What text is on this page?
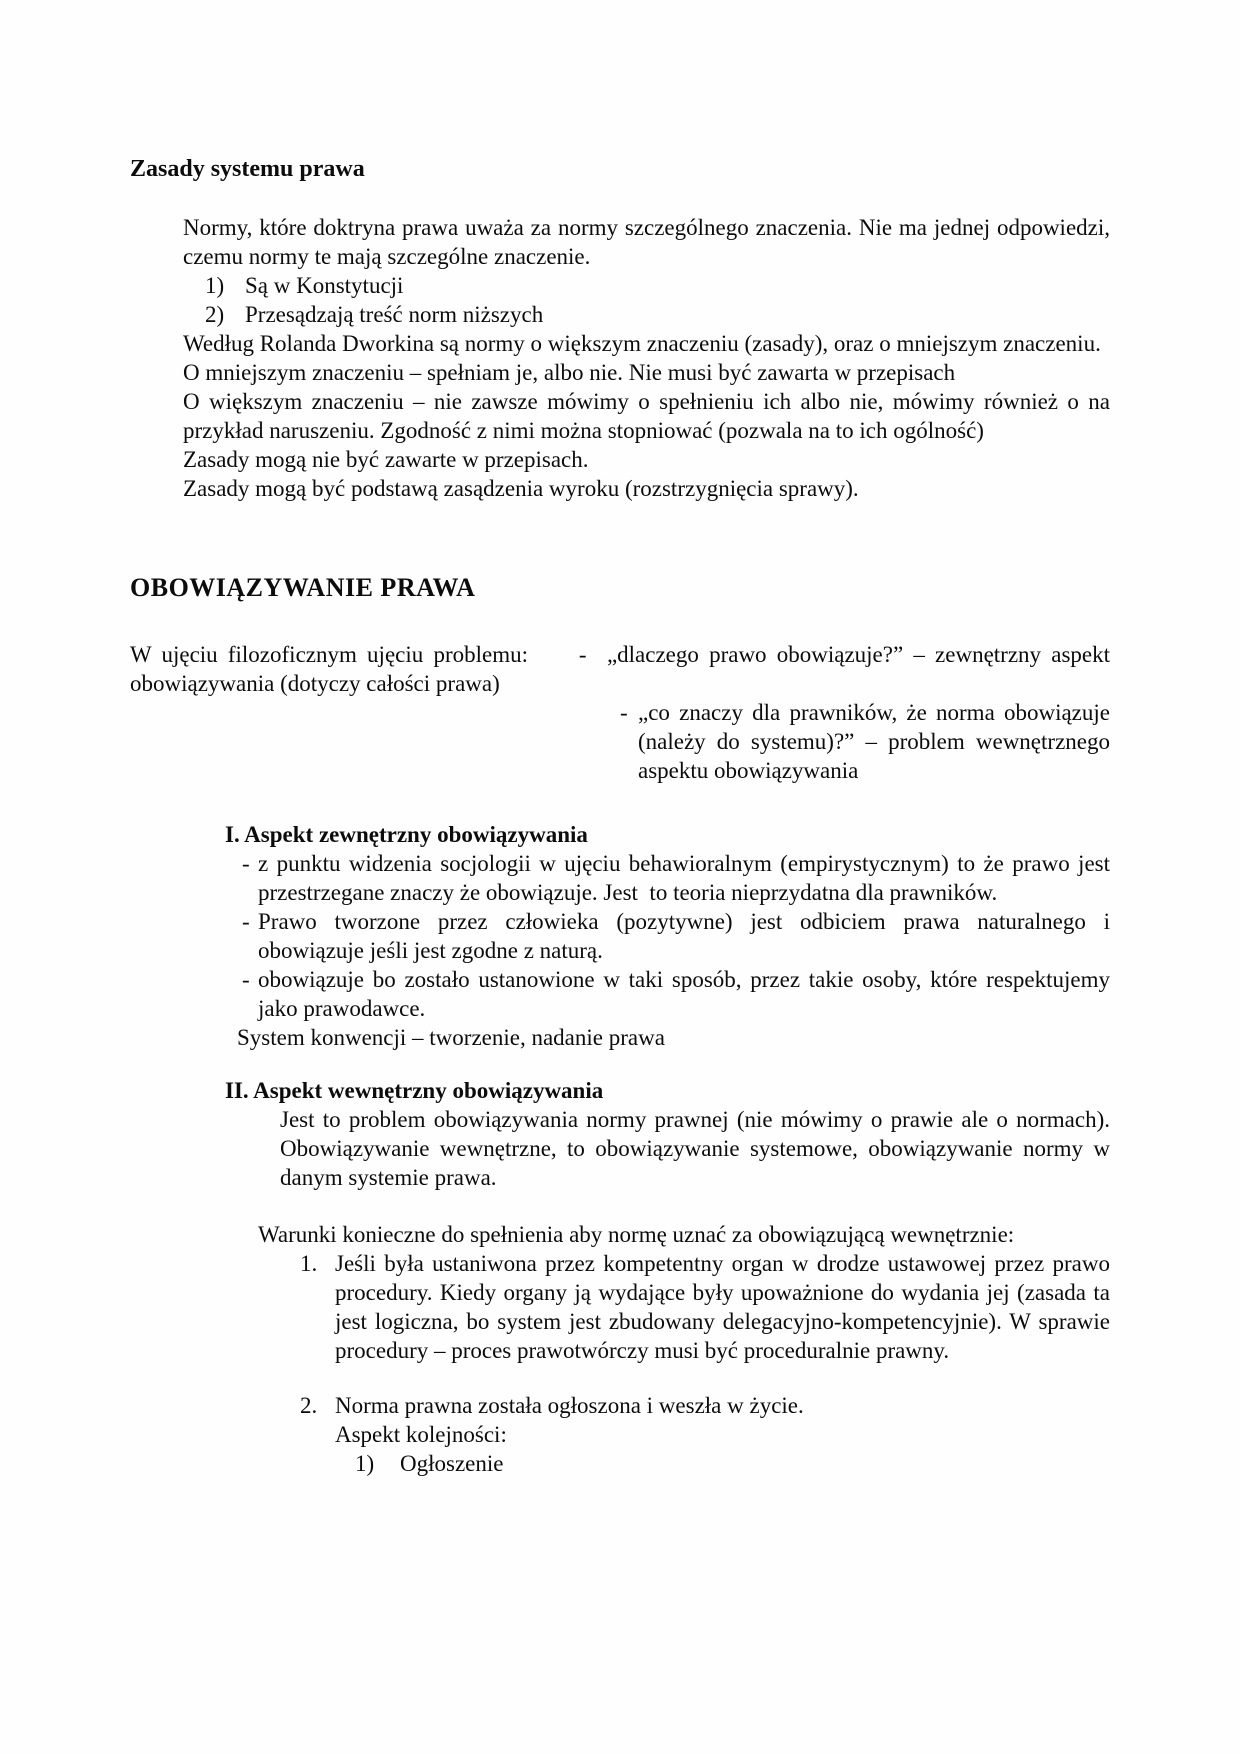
Zasady systemu prawa

Normy, które doktryna prawa uważa za normy szczególnego znaczenia. Nie ma jednej odpowiedzi, czemu normy te mają szczególne znaczenie.

1) Są w Konstytucji
2) Przesądzają treść norm niższych

Według Rolanda Dworkina są normy o większym znaczeniu (zasady), oraz o mniejszym znaczeniu.

O mniejszym znaczeniu – spełniam je, albo nie. Nie musi być zawarta w przepisach

O większym znaczeniu – nie zawsze mówimy o spełnieniu ich albo nie, mówimy również o na przykład naruszeniu. Zgodność z nimi można stopniować (pozwala na to ich ogólność)

Zasady mogą nie być zawarte w przepisach.

Zasady mogą być podstawą zasądzenia wyroku (rozstrzygnięcia sprawy).

OBOWIĄZYWANIE PRAWA

W ujęciu filozoficznym ujęciu problemu:     -  „dlaczego prawo obowiązuje?” – zewnętrzny aspekt obowiązywania (dotyczy całości prawa)

- „co znaczy dla prawników, że norma obowiązuje (należy do systemu)?” – problem wewnętrznego aspektu obowiązywania
I. Aspekt zewnętrzny obowiązywania
- z punktu widzenia socjologii w ujęciu behawioralnym (empirystycznym) to że prawo jest przestrzegane znaczy że obowiązuje. Jest  to teoria nieprzydatna dla prawników.
- Prawo tworzone przez człowieka (pozytywne) jest odbiciem prawa naturalnego i obowiązuje jeśli jest zgodne z naturą.
- obowiązuje bo zostało ustanowione w taki sposób, przez takie osoby, które respektujemy jako prawodawce.

System konwencji – tworzenie, nadanie prawa

II. Aspekt wewnętrzny obowiązywania

Jest to problem obowiązywania normy prawnej (nie mówimy o prawie ale o normach). Obowiązywanie wewnętrzne, to obowiązywanie systemowe, obowiązywanie normy w danym systemie prawa.

Warunki konieczne do spełnienia aby normę uznać za obowiązującą wewnętrznie:

1. Jeśli była ustaniwona przez kompetentny organ w drodze ustawowej przez prawo procedury. Kiedy organy ją wydające były upoważnione do wydania jej (zasada ta jest logiczna, bo system jest zbudowany delegacyjno-kompetencyjnie). W sprawie procedury – proces prawotwórczy musi być proceduralnie prawny.
2. Norma prawna została ogłoszona i weszła w życie.

Aspekt kolejności:

1) Ogłoszenie
